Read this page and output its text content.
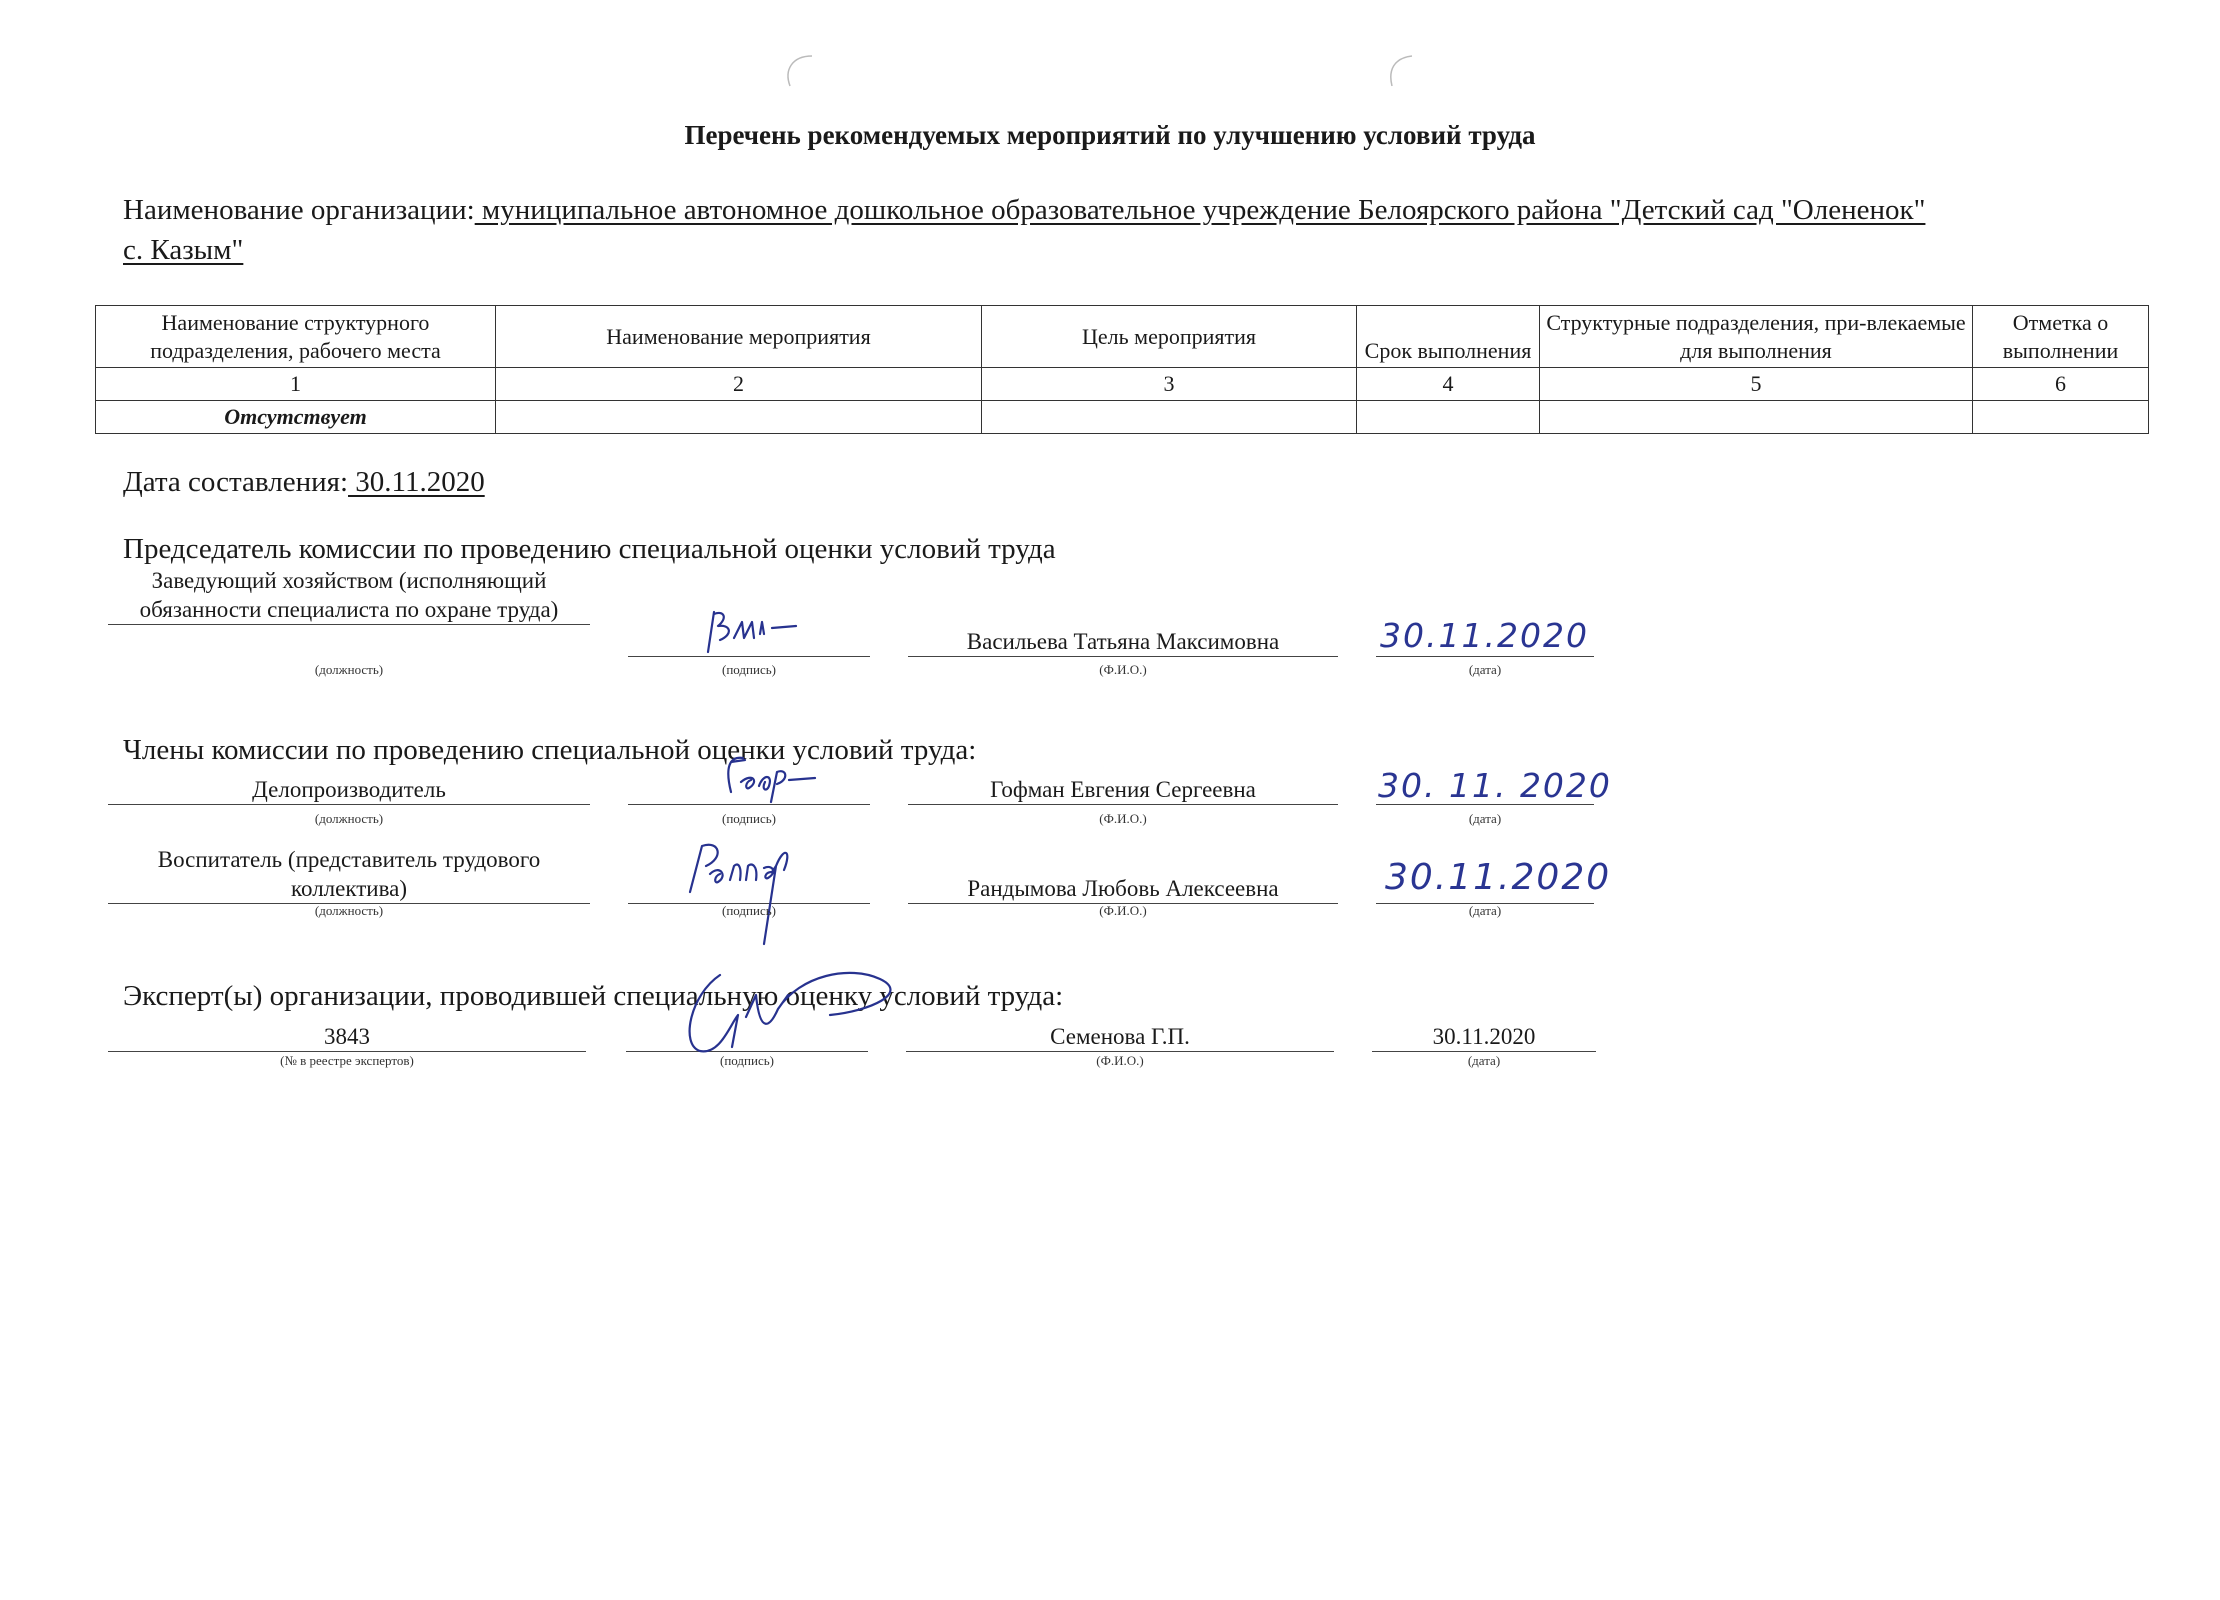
Перечень рекомендуемых мероприятий по улучшению условий труда
Наименование организации: муниципальное автономное дошкольное образовательное учреждение Белоярского района "Детский сад "Олененок"
с. Казым"
Наименование структурного подразделения, рабочего места	Наименование мероприятия	Цель мероприятия	Срок выполнения	Структурные подразделения, при-влекаемые для выполнения	Отметка о выполнении
1	2	3	4	5	6
Отсутствует					
Дата составления: 30.11.2020
Председатель комиссии по проведению специальной оценки условий труда
Заведующий хозяйством (исполняющий обязанности специалиста по охране труда)
(должность)	(подпись)
Васильева Татьяна Максимовна
(Ф.И.О.)
30.11.2020
(дата)
Члены комиссии по проведению специальной оценки условий труда:
Делопроизводитель
(должность)	(подпись)
Гофман Евгения Сергеевна
(Ф.И.О.)
30. 11. 2020
(дата)
Воспитатель (представитель трудового коллектива)
(должность)	(подпись)
Рандымова Любовь Алексеевна
(Ф.И.О.)
30.11.2020
(дата)
Эксперт(ы) организации, проводившей специальную оценку условий труда:
3843
(№ в реестре экспертов)	(подпись)
Семенова Г.П.
(Ф.И.О.)
30.11.2020
(дата)
